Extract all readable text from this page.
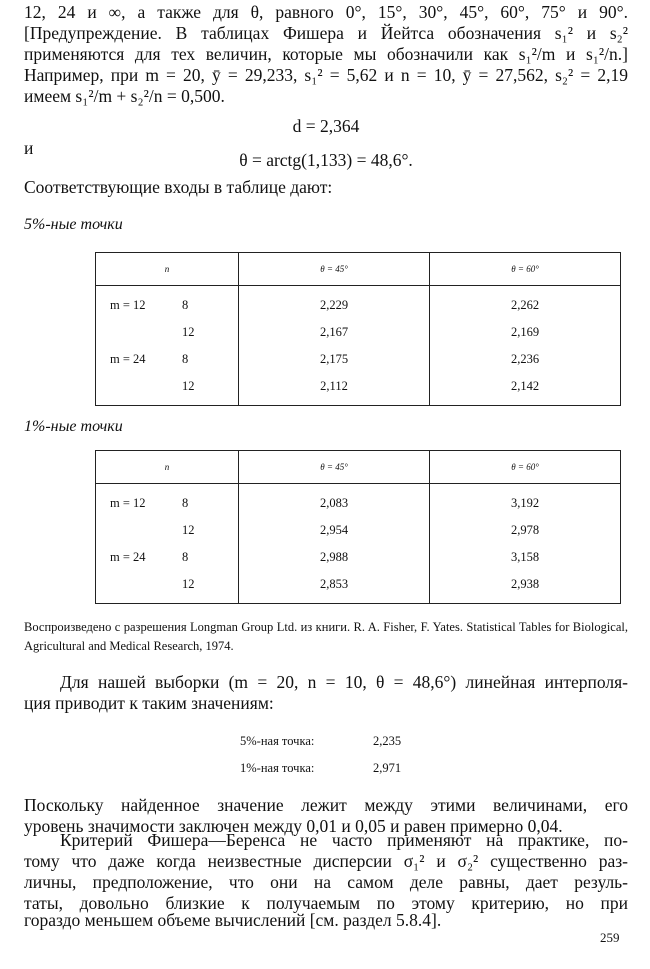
12, 24 и ∞, а также для θ, равного 0°, 15°, 30°, 45°, 60°, 75° и 90°.
[Предупреждение. В таблицах Фишера и Йейтса обозначения s₁² и s₂²
применяются для тех величин, которые мы обозначили как s₁²/m и s₁²/n.]
Например, при m = 20, ȳ = 29,233, s₁² = 5,62 и n = 10, ȳ = 27,562, s₂² = 2,19
имеем s₁²/m + s₂²/n = 0,500.
d = 2,364
и
θ = arctg(1,133) = 48,6°.
Соответствующие входы в таблице дают:
5%-ные точки
n		θ = 45°	θ = 60°
m = 12	8	2,229	2,262
	12	2,167	2,169
m = 24	8	2,175	2,236
	12	2,112	2,142
1%-ные точки
n		θ = 45°	θ = 60°
m = 12	8	2,083	3,192
	12	2,954	2,978
m = 24	8	2,988	3,158
	12	2,853	2,938
Воспроизведено с разрешения Longman Group Ltd. из книги. R. A. Fisher, F. Yates. Statistical Tables for Biological, Agricultural and Medical Research, 1974.
Для нашей выборки (m = 20, n = 10, θ = 48,6°) линейная интерполя-
ция приводит к таким значениям:
5%-ная точка:	2,235
1%-ная точка:	2,971
Поскольку найденное значение лежит между этими величинами, его
уровень значимости заключен между 0,01 и 0,05 и равен примерно 0,04.
Критерий Фишера—Беренса не часто применяют на практике, по-
тому что даже когда неизвестные дисперсии σ₁² и σ₂² существенно раз-
личны, предположение, что они на самом деле равны, дает резуль-
таты, довольно близкие к получаемым по этому критерию, но при
гораздо меньшем объеме вычислений [см. раздел 5.8.4].
259
